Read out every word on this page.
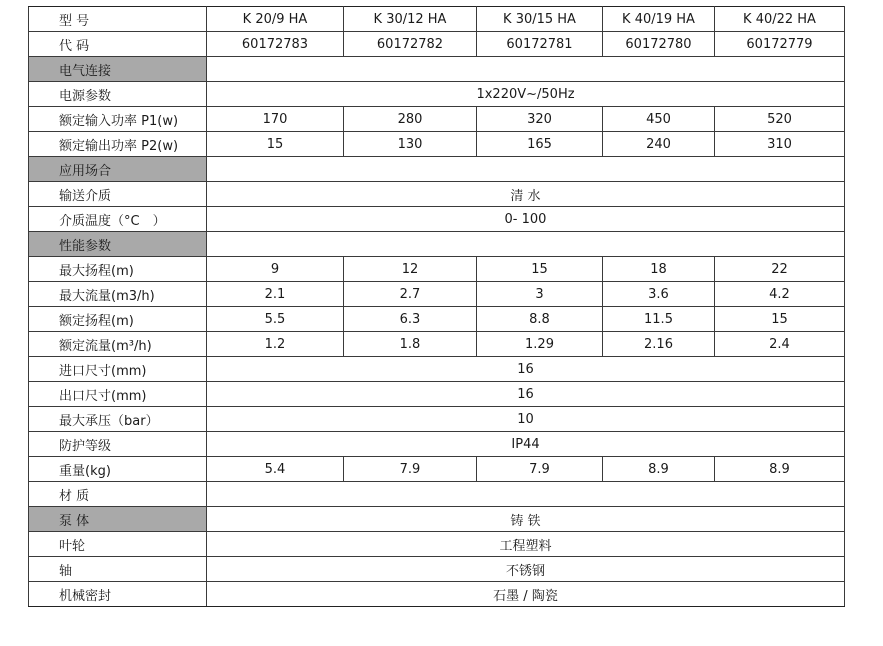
型 号	K 20/9 HA	K 30/12 HA	K 30/15 HA	K 40/19 HA	K 40/22 HA
代 码	60172783	60172782	60172781	60172780	60172779
电气连接					
电源参数	1x220V~/50Hz				
额定输入功率 P1(w)	170	280	320	450	520
额定输出功率 P2(w)	15	130	165	240	310
应用场合					
输送介质	清 水				
介质温度（°C　）	0- 100				
性能参数					
最大扬程(m)	9	12	15	18	22
最大流量(m3/h)	2.1	2.7	3	3.6	4.2
额定扬程(m)	5.5	6.3	8.8	11.5	15
额定流量(m³/h)	1.2	1.8	1.29	2.16	2.4
进口尺寸(mm)	16				
出口尺寸(mm)	16				
最大承压（bar）	10				
防护等级	IP44				
重量(kg)	5.4	7.9	7.9	8.9	8.9
材 质					
泵 体	铸 铁				
叶轮	工程塑料				
轴	不锈钢				
机械密封	石墨 / 陶瓷				
